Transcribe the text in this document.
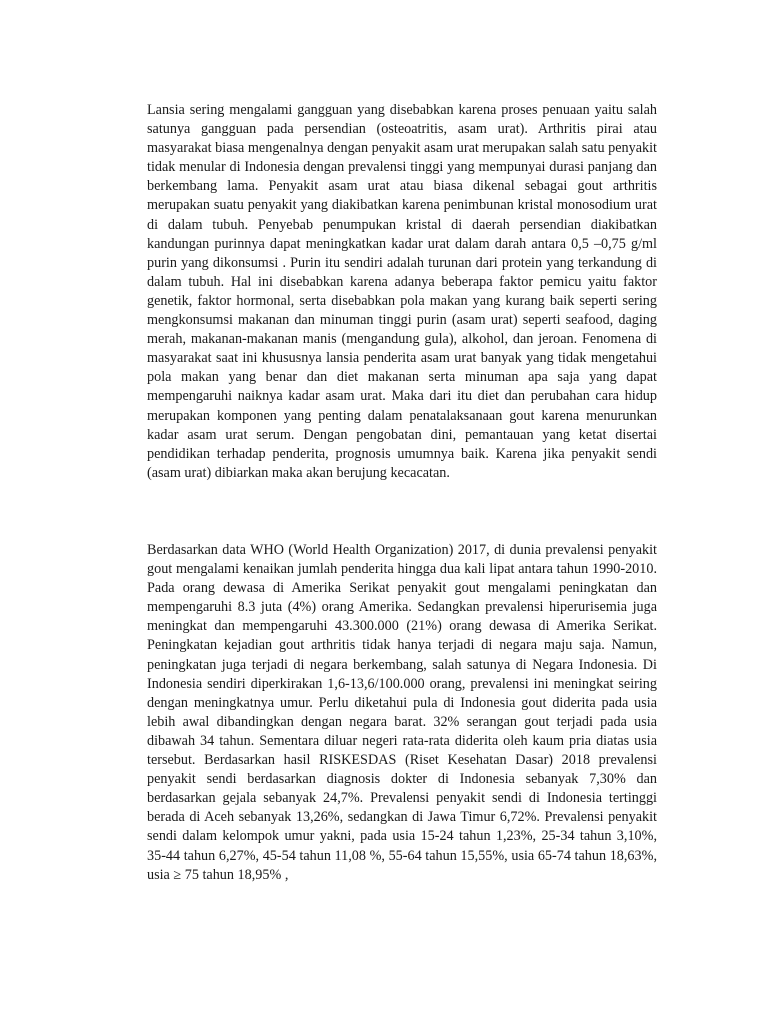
Lansia sering mengalami gangguan yang disebabkan karena proses penuaan yaitu salah satunya gangguan pada persendian (osteoatritis, asam urat). Arthritis pirai atau masyarakat biasa mengenalnya dengan penyakit asam urat merupakan salah satu penyakit tidak menular di Indonesia dengan prevalensi tinggi yang mempunyai durasi panjang dan berkembang lama. Penyakit asam urat atau biasa dikenal sebagai gout arthritis merupakan suatu penyakit yang diakibatkan karena penimbunan kristal monosodium urat di dalam tubuh. Penyebab penumpukan kristal di daerah persendian diakibatkan kandungan purinnya dapat meningkatkan kadar urat dalam darah antara 0,5 –0,75 g/ml purin yang dikonsumsi . Purin itu sendiri adalah turunan dari protein yang terkandung di dalam tubuh. Hal ini disebabkan karena adanya beberapa faktor pemicu yaitu faktor genetik, faktor hormonal, serta disebabkan pola makan yang kurang baik seperti sering mengkonsumsi makanan dan minuman tinggi purin (asam urat) seperti seafood, daging merah, makanan-makanan manis (mengandung gula), alkohol, dan jeroan. Fenomena di masyarakat saat ini khususnya lansia penderita asam urat banyak yang tidak mengetahui pola makan yang benar dan diet makanan serta minuman apa saja yang dapat mempengaruhi naiknya kadar asam urat. Maka dari itu diet dan perubahan cara hidup merupakan komponen yang penting dalam penatalaksanaan gout karena menurunkan kadar asam urat serum. Dengan pengobatan dini, pemantauan yang ketat disertai pendidikan terhadap penderita, prognosis umumnya baik. Karena jika penyakit sendi (asam urat) dibiarkan maka akan berujung kecacatan.

Berdasarkan data WHO (World Health Organization) 2017, di dunia prevalensi penyakit gout mengalami kenaikan jumlah penderita hingga dua kali lipat antara tahun 1990-2010. Pada orang dewasa di Amerika Serikat penyakit gout mengalami peningkatan dan mempengaruhi 8.3 juta (4%) orang Amerika. Sedangkan prevalensi hiperurisemia juga meningkat dan mempengaruhi 43.300.000 (21%) orang dewasa di Amerika Serikat. Peningkatan kejadian gout arthritis tidak hanya terjadi di negara maju saja. Namun, peningkatan juga terjadi di negara berkembang, salah satunya di Negara Indonesia. Di Indonesia sendiri diperkirakan 1,6-13,6/100.000 orang, prevalensi ini meningkat seiring dengan meningkatnya umur. Perlu diketahui pula di Indonesia gout diderita pada usia lebih awal dibandingkan dengan negara barat. 32% serangan gout terjadi pada usia dibawah 34 tahun. Sementara diluar negeri rata-rata diderita oleh kaum pria diatas usia tersebut. Berdasarkan hasil RISKESDAS (Riset Kesehatan Dasar) 2018 prevalensi penyakit sendi berdasarkan diagnosis dokter di Indonesia sebanyak 7,30% dan berdasarkan gejala sebanyak 24,7%. Prevalensi penyakit sendi di Indonesia tertinggi berada di Aceh sebanyak 13,26%, sedangkan di Jawa Timur 6,72%. Prevalensi penyakit sendi dalam kelompok umur yakni, pada usia 15-24 tahun 1,23%, 25-34 tahun 3,10%, 35-44 tahun 6,27%, 45-54 tahun 11,08 %, 55-64 tahun 15,55%, usia 65-74 tahun 18,63%, usia ≥ 75 tahun 18,95% ,
